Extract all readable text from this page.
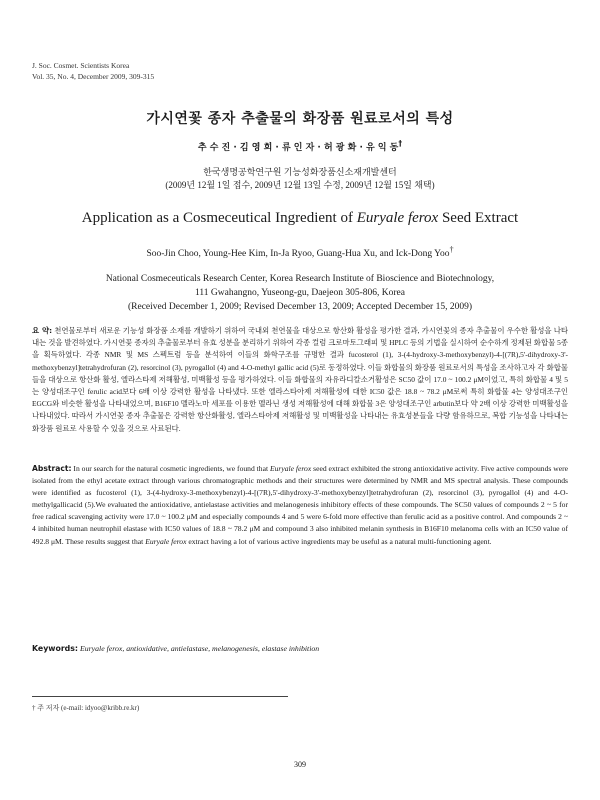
J. Soc. Cosmet. Scientists Korea
Vol. 35, No. 4, December 2009, 309-315
가시연꽃 종자 추출물의 화장품 원료로서의 특성
추 수 진 · 김 영 희 · 류 인 자 · 허 광 화 · 유 익 동†
한국생명공학연구원 기능성화장품신소재개발센터
(2009년 12월 1일 접수, 2009년 12월 13일 수정, 2009년 12월 15일 채택)
Application as a Cosmeceutical Ingredient of Euryale ferox Seed Extract
Soo-Jin Choo, Young-Hee Kim, In-Ja Ryoo, Guang-Hua Xu, and Ick-Dong Yoo†
National Cosmeceuticals Research Center, Korea Research Institute of Bioscience and Biotechnology,
111 Gwahangno, Yuseong-gu, Daejeon 305-806, Korea
(Received December 1, 2009; Revised December 13, 2009; Accepted December 15, 2009)
요 약: 천연물로부터 새로운 기능성 화장품 소재를 개발하기 위하여 국내외 천연물을 대상으로 항산화 활성을 평가한 결과, 가시연꽃의 종자 추출물이 우수한 활성을 나타내는 것을 발견하였다. 가시연꽃 종자의 추출물로부터 유효 성분을 분리하기 위하여 각종 컬럼 크로마토그래피 및 HPLC 등의 기법을 실시하여 순수하게 정제된 화합물 5종을 획득하였다. 각종 NMR 및 MS 스펙트럼 등을 분석하여 이들의 화학구조를 규명한 결과 fucosterol (1), 3-(4-hydroxy-3-methoxybenzyl)-4-[(7R),5'-dihydroxy-3'-methoxybenzyl]tetrahydrofuran (2), resorcinol (3), pyrogallol (4) and 4-O-methyl gallic acid (5)로 동정하였다. 이들 화합물의 화장품 원료로서의 특성을 조사하고자 각 화합물들을 대상으로 항산화 활성, 엘라스타제 저해활성, 미백활성 등을 평가하였다. 이들 화합물의 자유라디칼소거활성은 SC50 값이 17.0 ~ 100.2 μM이었고, 특히 화합물 4 및 5는 양성대조구인 ferulic acid보다 6배 이상 강력한 활성을 나타냈다. 또한 엘라스타아제 저해활성에 대한 IC50 값은 18.8 ~ 78.2 μM로써 특히 화합물 4는 양성대조구인 EGCG와 비슷한 활성을 나타내었으며, B16F10 멜라노마 세포를 이용한 멜라닌 생성 저해활성에 대해 화합물 3은 양성대조구인 arbutin보다 약 2배 이상 강력한 미백활성을 나타내었다. 따라서 가시연꽃 종자 추출물은 강력한 항산화활성, 엘라스타아제 저해활성 및 미백활성을 나타내는 유효성분들을 다량 함유하므로, 복합 기능성을 나타내는 화장품 원료로 사용할 수 있을 것으로 사료된다.
Abstract: In our search for the natural cosmetic ingredients, we found that Euryale ferox seed extract exhibited the strong antioxidative activity. Five active compounds were isolated from the ethyl acetate extract through various chromatographic methods and their structures were determined by NMR and MS spectral analysis. These compounds were identified as fucosterol (1), 3-(4-hydroxy-3-methoxybenzyl)-4-[(7R),5'-dihydroxy-3'-methoxybenzyl]tetrahydrofuran (2), resorcinol (3), pyrogallol (4) and 4-O-methylgallicacid (5).We evaluated the antioxidative, antielastase activities and melanogenesis inhibitory effects of these compounds. The SC50 values of compounds 2 ~ 5 for free radical scavenging activity were 17.0 ~ 100.2 μM and especially compounds 4 and 5 were 6-fold more effective than ferulic acid as a positive control. And compounds 2 ~ 4 inhibited human neutrophil elastase with IC50 values of 18.8 ~ 78.2 μM and compound 3 also inhibited melanin synthesis in B16F10 melanoma cells with an IC50 value of 492.8 μM. These results suggest that Euryale ferox extract having a lot of various active ingredients may be useful as a natural multi-functioning agent.
Keywords: Euryale ferox, antioxidative, antielastase, melanogenesis, elastase inhibition
† 주 저자 (e-mail: idyoo@kribb.re.kr)
309
